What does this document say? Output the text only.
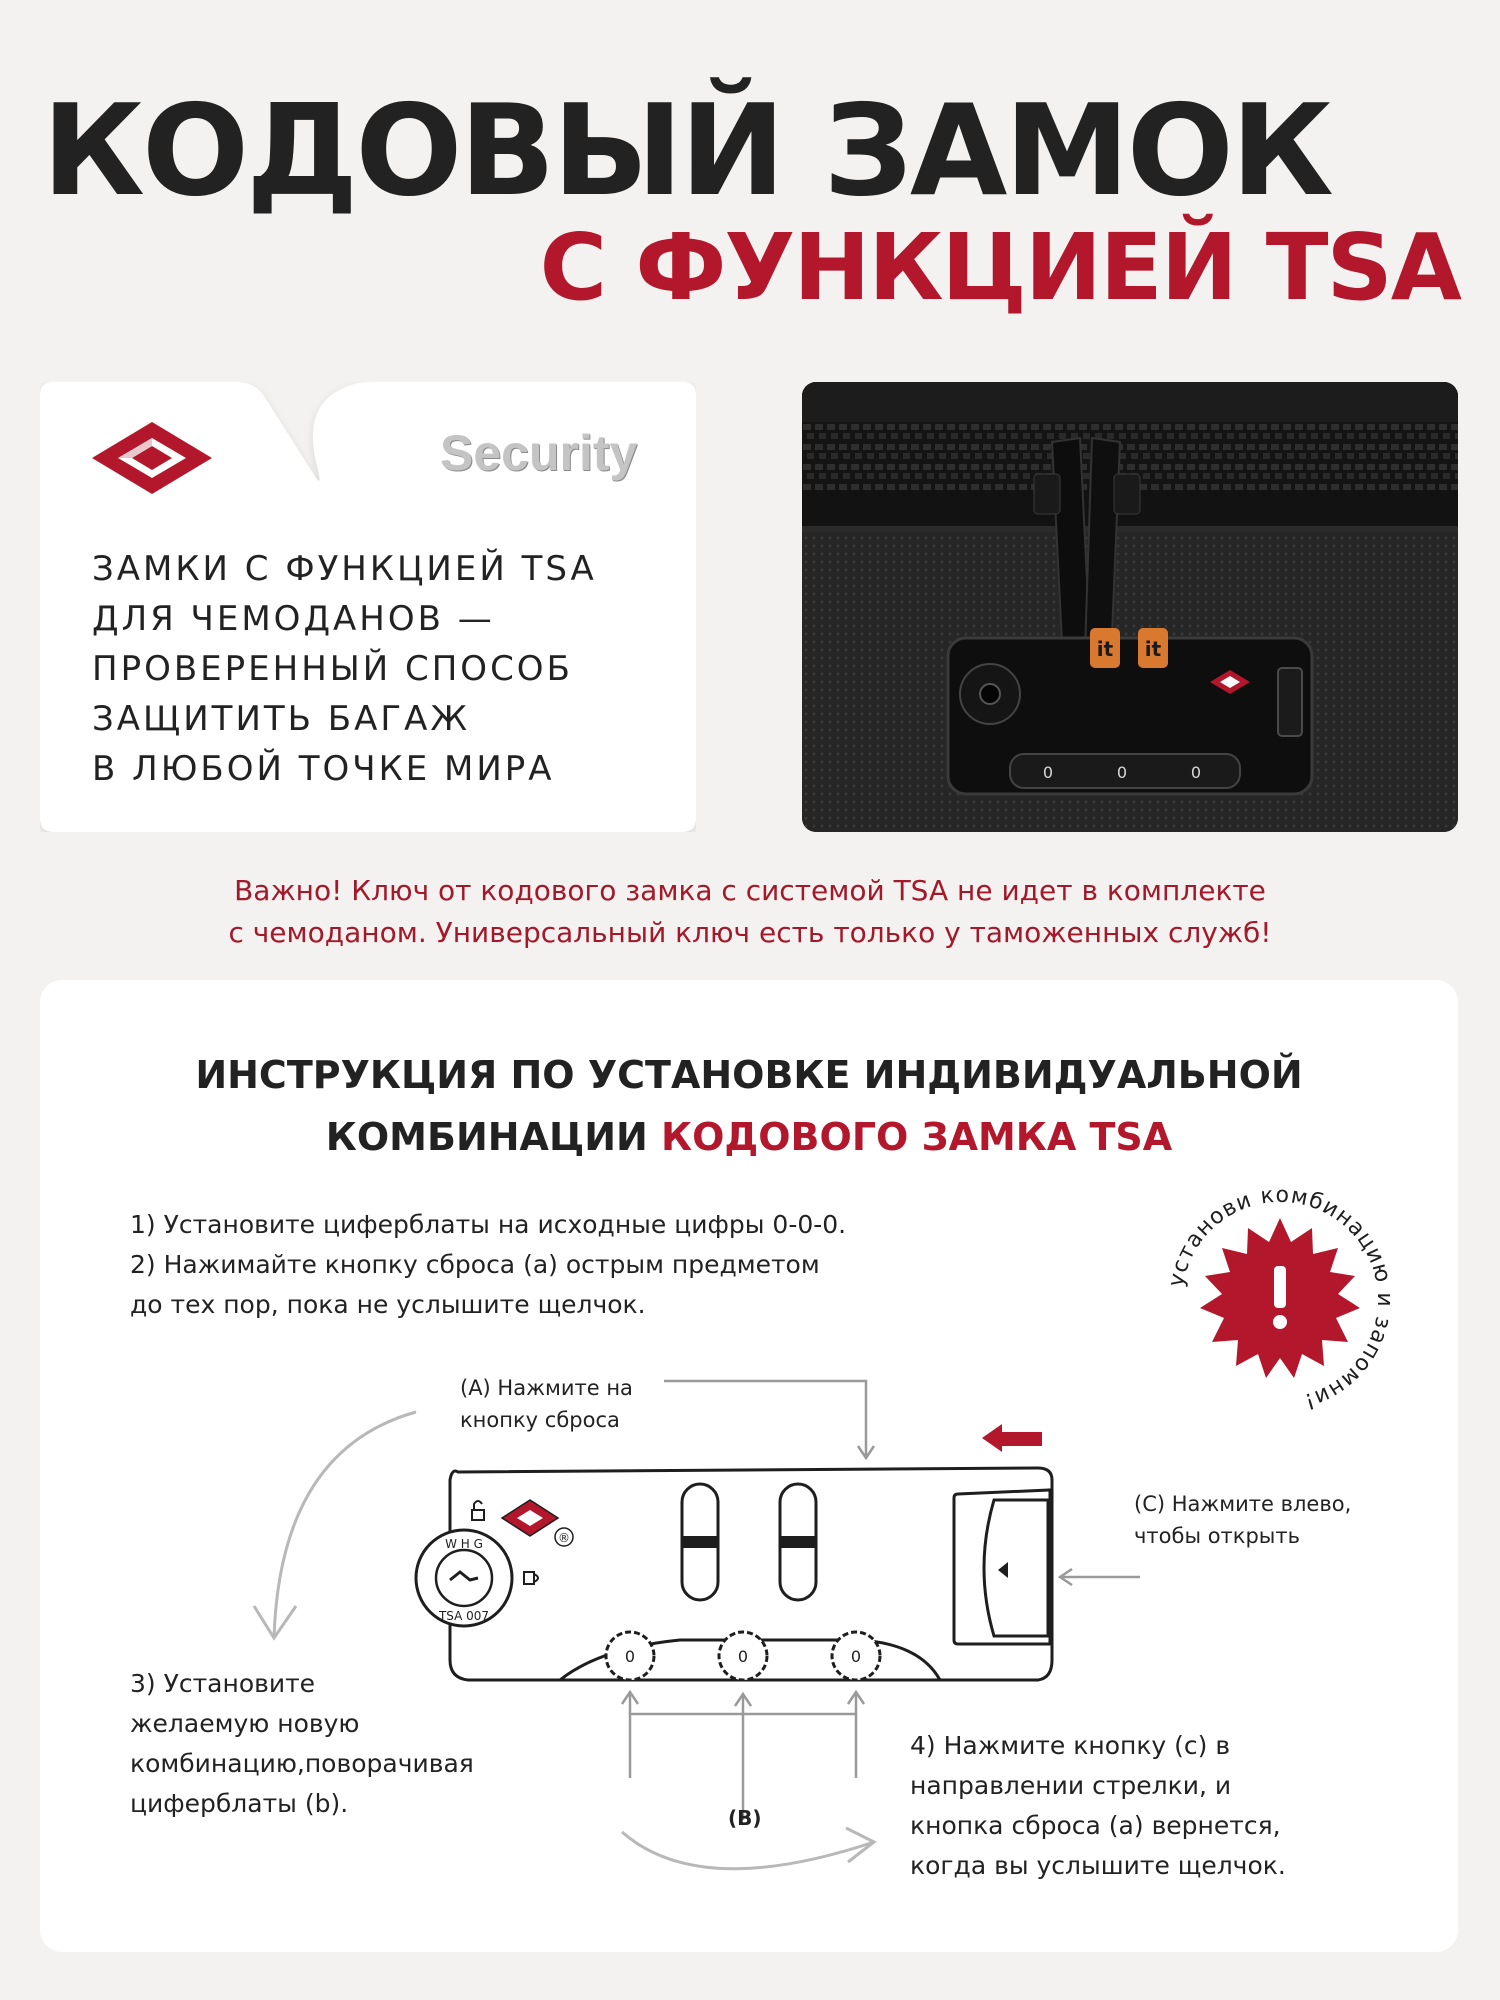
КОДОВЫЙ ЗАМОК
С ФУНКЦИЕЙ TSA
Security
ЗАМКИ С ФУНКЦИЕЙ TSA
ДЛЯ ЧЕМОДАНОВ —
ПРОВЕРЕННЫЙ СПОСОБ
ЗАЩИТИТЬ БАГАЖ
В ЛЮБОЙ ТОЧКЕ МИРА
it it
0	0	0
Важно! Ключ от кодового замка с системой TSA не идет в комплекте
с чемоданом. Универсальный ключ есть только у таможенных служб!
ИНСТРУКЦИЯ ПО УСТАНОВКЕ ИНДИВИДУАЛЬНОЙ
КОМБИНАЦИИ КОДОВОГО ЗАМКА TSA
1) Установите циферблаты на исходные цифры 0-0-0.
2) Нажимайте кнопку сброса (а) острым предметом
до тех пор, пока не услышите щелчок.
установи комбинацию и запомни!
0	0	0
®
W H G
TSA 007
(А) Нажмите на
кнопку сброса
(С) Нажмите влево,
чтобы открыть
(B)
3) Установите
желаемую новую
комбинацию,поворачивая
циферблаты (b).
4) Нажмите кнопку (с) в
направлении стрелки, и
кнопка сброса (а) вернется,
когда вы услышите щелчок.
